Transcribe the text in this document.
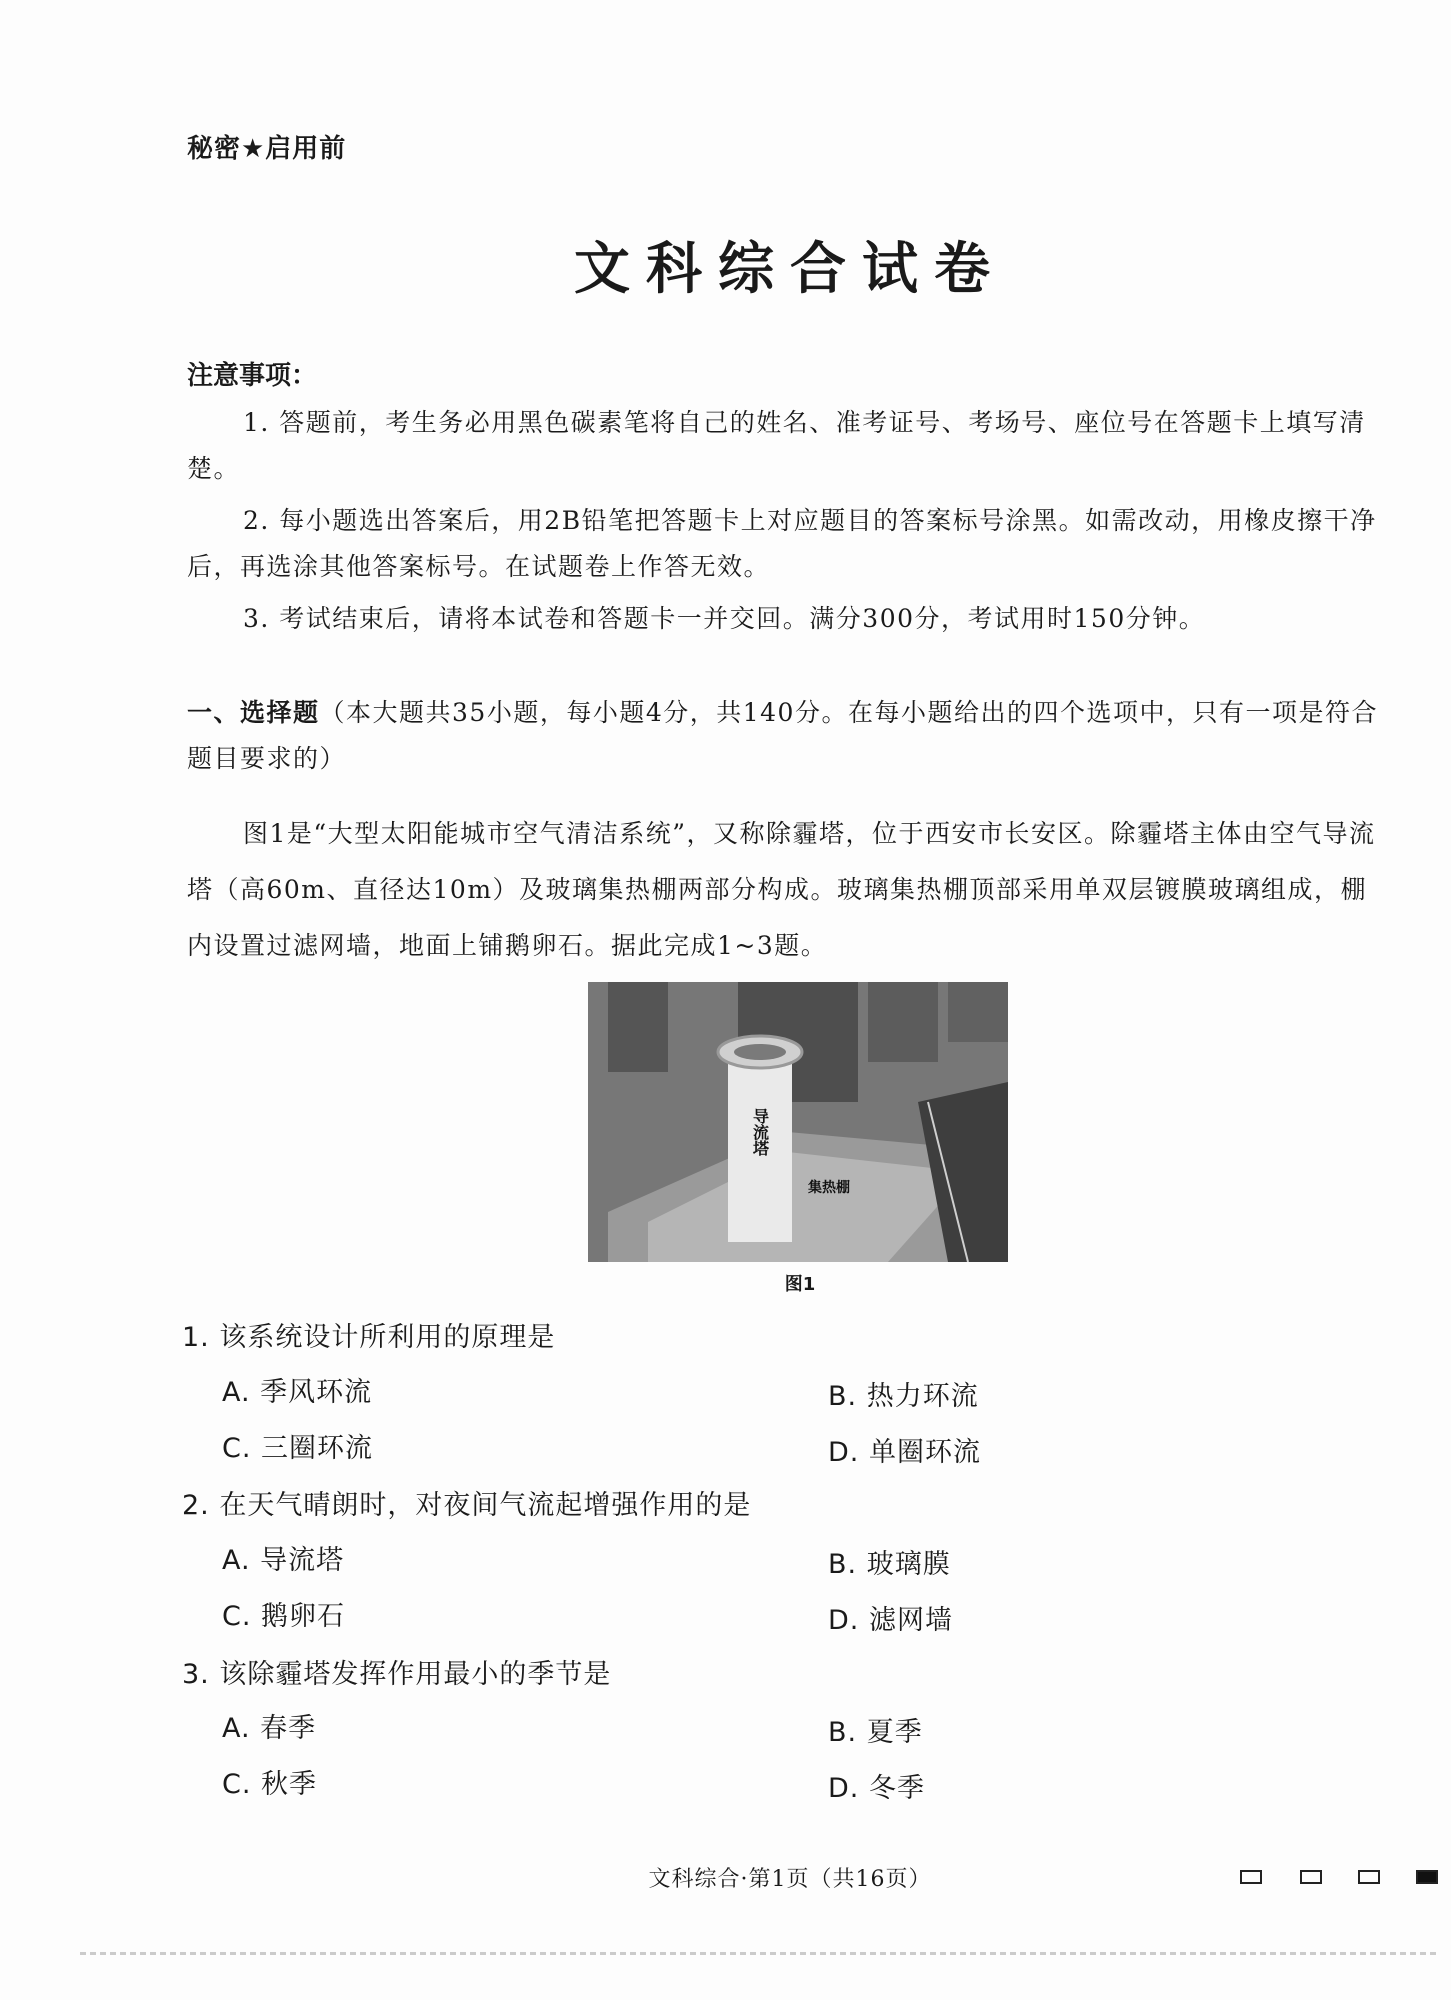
秘密★启用前
文科综合试卷
注意事项：
1. 答题前，考生务必用黑色碳素笔将自己的姓名、准考证号、考场号、座位号在答题卡上填写清楚。
2. 每小题选出答案后，用2B铅笔把答题卡上对应题目的答案标号涂黑。如需改动，用橡皮擦干净后，再选涂其他答案标号。在试题卷上作答无效。
3. 考试结束后，请将本试卷和答题卡一并交回。满分300分，考试用时150分钟。
一、选择题（本大题共35小题，每小题4分，共140分。在每小题给出的四个选项中，只有一项是符合题目要求的）
图1是“大型太阳能城市空气清洁系统”，又称除霾塔，位于西安市长安区。除霾塔主体由空气导流塔（高60m、直径达10m）及玻璃集热棚两部分构成。玻璃集热棚顶部采用单双层镀膜玻璃组成，棚内设置过滤网墙，地面上铺鹅卵石。据此完成1~3题。
导流塔
集热棚
图1
1. 该系统设计所利用的原理是
A. 季风环流	B. 热力环流
C. 三圈环流	D. 单圈环流
2. 在天气晴朗时，对夜间气流起增强作用的是
A. 导流塔	B. 玻璃膜
C. 鹅卵石	D. 滤网墙
3. 该除霾塔发挥作用最小的季节是
A. 春季	B. 夏季
C. 秋季	D. 冬季
文科综合·第1页（共16页）
